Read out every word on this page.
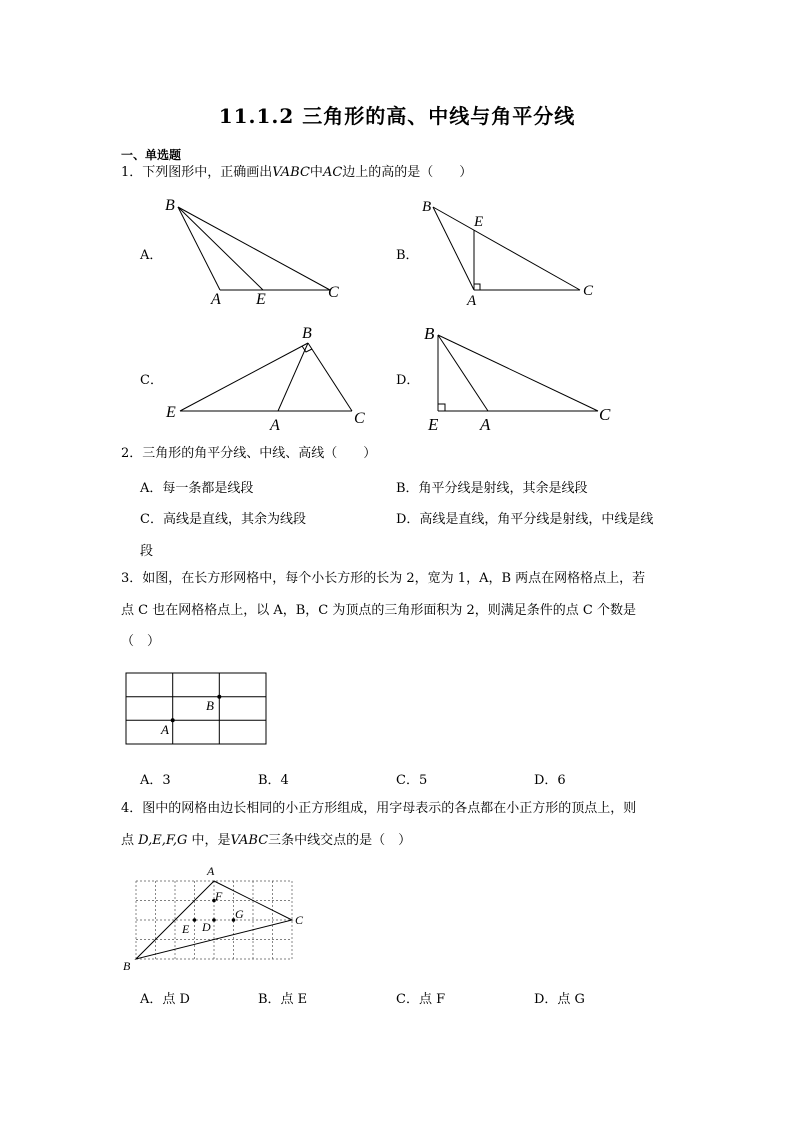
11.1.2 三角形的高、中线与角平分线
一、单选题
1．下列图形中，正确画出VABC中AC边上的高的是（　　）
A．
B
A E	C
B．
B
E
A
C
C．
B
E
A	C
D．
B
E A
C
2．三角形的角平分线、中线、高线（　　）
A．每一条都是线段	B．角平分线是射线，其余是线段
C．高线是直线，其余为线段	D．高线是直线，角平分线是射线，中线是线
段
3．如图，在长方形网格中，每个小长方形的长为 2，宽为 1，A，B 两点在网格格点上，若
点 C 也在网格格点上，以 A，B，C 为顶点的三角形面积为 2，则满足条件的点 C 个数是
（　）
B
A
A．3	B．4	C．5	D．6
4．图中的网格由边长相同的小正方形组成，用字母表示的各点都在小正方形的顶点上，则
点 D,E,F,G 中，是VABC三条中线交点的是（　）
A
B
C
F
G
E D
A．点 D	B．点 E	C．点 F	D．点 G
